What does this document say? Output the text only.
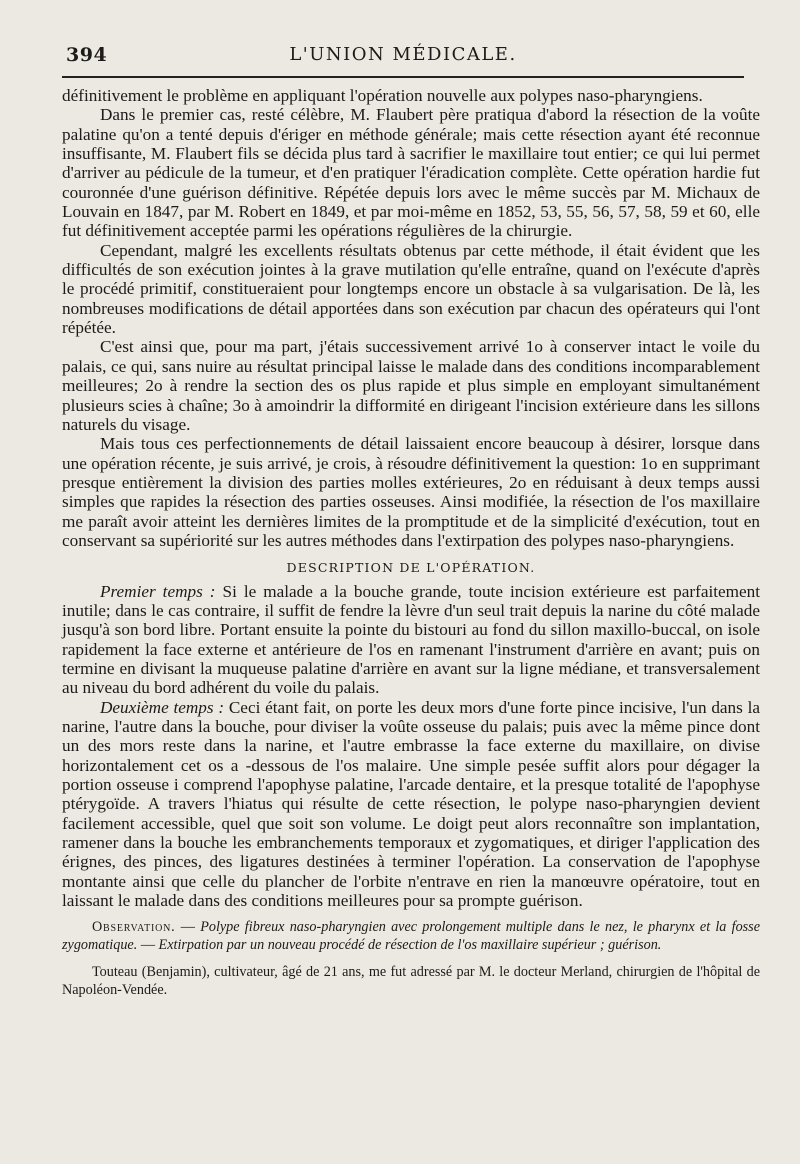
394	L'UNION MÉDICALE.

définitivement le problème en appliquant l'opération nouvelle aux polypes naso-pharyngiens.

Dans le premier cas, resté célèbre, M. Flaubert père pratiqua d'abord la résection de la voûte palatine qu'on a tenté depuis d'ériger en méthode générale; mais cette résection ayant été reconnue insuffisante, M. Flaubert fils se décida plus tard à sacrifier le maxillaire tout entier; ce qui lui permet d'arriver au pédicule de la tumeur, et d'en pratiquer l'éradication complète. Cette opération hardie fut couronnée d'une guérison définitive. Répétée depuis lors avec le même succès par M. Michaux de Louvain en 1847, par M. Robert en 1849, et par moi-même en 1852, 53, 55, 56, 57, 58, 59 et 60, elle fut définitivement acceptée parmi les opérations régulières de la chirurgie.

Cependant, malgré les excellents résultats obtenus par cette méthode, il était évident que les difficultés de son exécution jointes à la grave mutilation qu'elle entraîne, quand on l'exécute d'après le procédé primitif, constitueraient pour longtemps encore un obstacle à sa vulgarisation. De là, les nombreuses modifications de détail apportées dans son exécution par chacun des opérateurs qui l'ont répétée.

C'est ainsi que, pour ma part, j'étais successivement arrivé 1o à conserver intact le voile du palais, ce qui, sans nuire au résultat principal laisse le malade dans des conditions incomparablement meilleures; 2o à rendre la section des os plus rapide et plus simple en employant simultanément plusieurs scies à chaîne; 3o à amoindrir la difformité en dirigeant l'incision extérieure dans les sillons naturels du visage.

Mais tous ces perfectionnements de détail laissaient encore beaucoup à désirer, lorsque dans une opération récente, je suis arrivé, je crois, à résoudre définitivement la question: 1o en supprimant presque entièrement la division des parties molles extérieures, 2o en réduisant à deux temps aussi simples que rapides la résection des parties osseuses. Ainsi modifiée, la résection de l'os maxillaire me paraît avoir atteint les dernières limites de la promptitude et de la simplicité d'exécution, tout en conservant sa supériorité sur les autres méthodes dans l'extirpation des polypes naso-pharyngiens.

DESCRIPTION DE L'OPÉRATION.

Premier temps : Si le malade a la bouche grande, toute incision extérieure est parfaitement inutile; dans le cas contraire, il suffit de fendre la lèvre d'un seul trait depuis la narine du côté malade jusqu'à son bord libre. Portant ensuite la pointe du bistouri au fond du sillon maxillo-buccal, on isole rapidement la face externe et antérieure de l'os en ramenant l'instrument d'arrière en avant; puis on termine en divisant la muqueuse palatine d'arrière en avant sur la ligne médiane, et transversalement au niveau du bord adhérent du voile du palais.

Deuxième temps : Ceci étant fait, on porte les deux mors d'une forte pince incisive, l'un dans la narine, l'autre dans la bouche, pour diviser la voûte osseuse du palais; puis avec la même pince dont un des mors reste dans la narine, et l'autre embrasse la face externe du maxillaire, on divise horizontalement cet os a -dessous de l'os malaire. Une simple pesée suffit alors pour dégager la portion osseuse i comprend l'apophyse palatine, l'arcade dentaire, et la presque totalité de l'apophyse ptérygoïde. A travers l'hiatus qui résulte de cette résection, le polype naso-pharyngien devient facilement accessible, quel que soit son volume. Le doigt peut alors reconnaître son implantation, ramener dans la bouche les embranchements temporaux et zygomatiques, et diriger l'application des érignes, des pinces, des ligatures destinées à terminer l'opération. La conservation de l'apophyse montante ainsi que celle du plancher de l'orbite n'entrave en rien la manœuvre opératoire, tout en laissant le malade dans des conditions meilleures pour sa prompte guérison.

Observation. — Polype fibreux naso-pharyngien avec prolongement multiple dans le nez, le pharynx et la fosse zygomatique. — Extirpation par un nouveau procédé de résection de l'os maxillaire supérieur ; guérison.
Touteau (Benjamin), cultivateur, âgé de 21 ans, me fut adressé par M. le docteur Merland, chirurgien de l'hôpital de Napoléon-Vendée.
